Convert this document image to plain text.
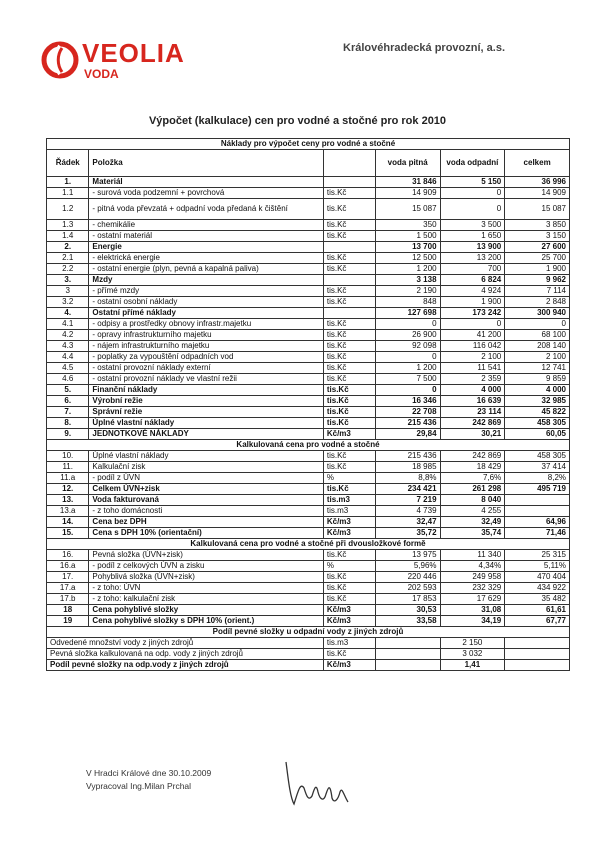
VEOLIA
VODA
Královéhradecká provozní, a.s.
Výpočet (kalkulace) cen pro vodné a stočné pro rok 2010
Náklady pro výpočet ceny pro vodné a stočné					
Řádek	Položka		voda pitná	voda odpadní	celkem
1.	Materiál		31 846	5 150	36 996
1.1	- surová voda podzemní + povrchová	tis.Kč	14 909	0	14 909
1.2	- pitná voda převzatá + odpadní voda předaná k čištění	tis.Kč	15 087	0	15 087
1.3	- chemikálie	tis.Kč	350	3 500	3 850
1.4	- ostatní materiál	tis.Kč	1 500	1 650	3 150
2.	Energie		13 700	13 900	27 600
2.1	- elektrická energie	tis.Kč	12 500	13 200	25 700
2.2	- ostatní energie (plyn, pevná a kapalná paliva)	tis.Kč	1 200	700	1 900
3.	Mzdy		3 138	6 824	9 962
3	- přímé mzdy	tis.Kč	2 190	4 924	7 114
3.2	- ostatní osobní náklady	tis.Kč	848	1 900	2 848
4.	Ostatní přímé náklady		127 698	173 242	300 940
4.1	- odpisy a prostředky obnovy infrastr.majetku	tis.Kč	0	0	0
4.2	- opravy infrastrukturního majetku	tis.Kč	26 900	41 200	68 100
4.3	- nájem infrastrukturního majetku	tis.Kč	92 098	116 042	208 140
4.4	- poplatky za vypouštění odpadních vod	tis.Kč	0	2 100	2 100
4.5	- ostatní provozní náklady externí	tis.Kč	1 200	11 541	12 741
4.6	- ostatní provozní náklady ve vlastní režii	tis.Kč	7 500	2 359	9 859
5.	Finanční náklady	tis.Kč	0	4 000	4 000
6.	Výrobní režie	tis.Kč	16 346	16 639	32 985
7.	Správní režie	tis.Kč	22 708	23 114	45 822
8.	Úplné vlastní náklady	tis.Kč	215 436	242 869	458 305
9.	JEDNOTKOVÉ NÁKLADY	Kč/m3	29,84	30,21	60,05
Kalkulovaná cena pro vodné a stočné					
10.	Úplné vlastní náklady	tis.Kč	215 436	242 869	458 305
11.	Kalkulační zisk	tis.Kč	18 985	18 429	37 414
11.a	- podíl z ÚVN	%	8,8%	7,6%	8,2%
12.	Celkem ÚVN+zisk	tis.Kč	234 421	261 298	495 719
13.	Voda fakturovaná	tis.m3	7 219	8 040	
13.a	- z toho domácnosti	tis.m3	4 739	4 255	
14.	Cena bez DPH	Kč/m3	32,47	32,49	64,96
15.	Cena s DPH 10% (orientační)	Kč/m3	35,72	35,74	71,46
Kalkulovaná cena pro vodné a stočné při dvousložkové formě					
16.	Pevná složka (ÚVN+zisk)	tis.Kč	13 975	11 340	25 315
16.a	- podíl z celkových ÚVN a zisku	%	5,96%	4,34%	5,11%
17.	Pohyblivá složka (ÚVN+zisk)	tis.Kč	220 446	249 958	470 404
17.a	- z toho: ÚVN	tis.Kč	202 593	232 329	434 922
17.b	- z toho: kalkulační zisk	tis.Kč	17 853	17 629	35 482
18	Cena pohyblivé složky	Kč/m3	30,53	31,08	61,61
19	Cena pohyblivé složky s DPH 10% (orient.)	Kč/m3	33,58	34,19	67,77
Podíl pevné složky u odpadní vody z jiných zdrojů					
Odvedené množství vody z jiných zdrojů		tis.m3		2 150	
Pevná složka kalkulovaná na odp. vody z jiných zdrojů		tis.Kč		3 032	
Podíl pevné složky na odp.vody z jiných zdrojů		Kč/m3		1,41	
V Hradci Králové dne 30.10.2009
Vypracoval Ing.Milan Prchal
